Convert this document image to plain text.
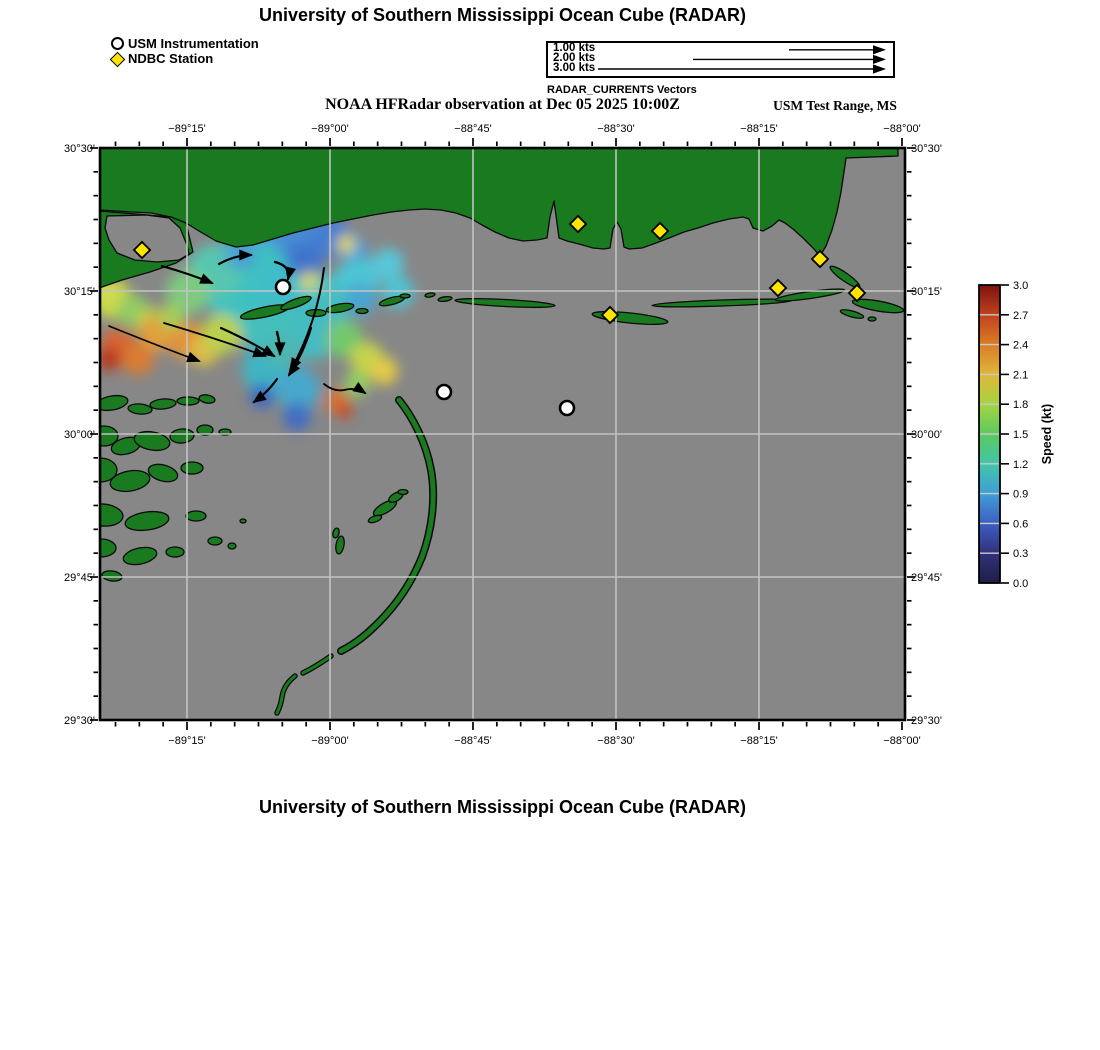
University of Southern Mississippi Ocean Cube (RADAR)
USM Instrumentation
NDBC Station
1.00 kts
2.00 kts
3.00 kts
RADAR_CURRENTS Vectors
NOAA HFRadar observation at Dec 05 2025 10:00Z	USM Test Range, MS
−89°15'
−89°15'
−89°00'
−89°00'
−88°45'
−88°45'
−88°30'
−88°30'
−88°15'
−88°15'
−88°00'
−88°00'
30°30'	30°30'
30°15'	30°15'
30°00'	30°00'
29°45'	29°45'
29°30'	29°30'
3.0
2.7
2.4
2.1
1.8
1.5
1.2
0.9
0.6
0.3
0.0
Speed (kt)
University of Southern Mississippi Ocean Cube (RADAR)
